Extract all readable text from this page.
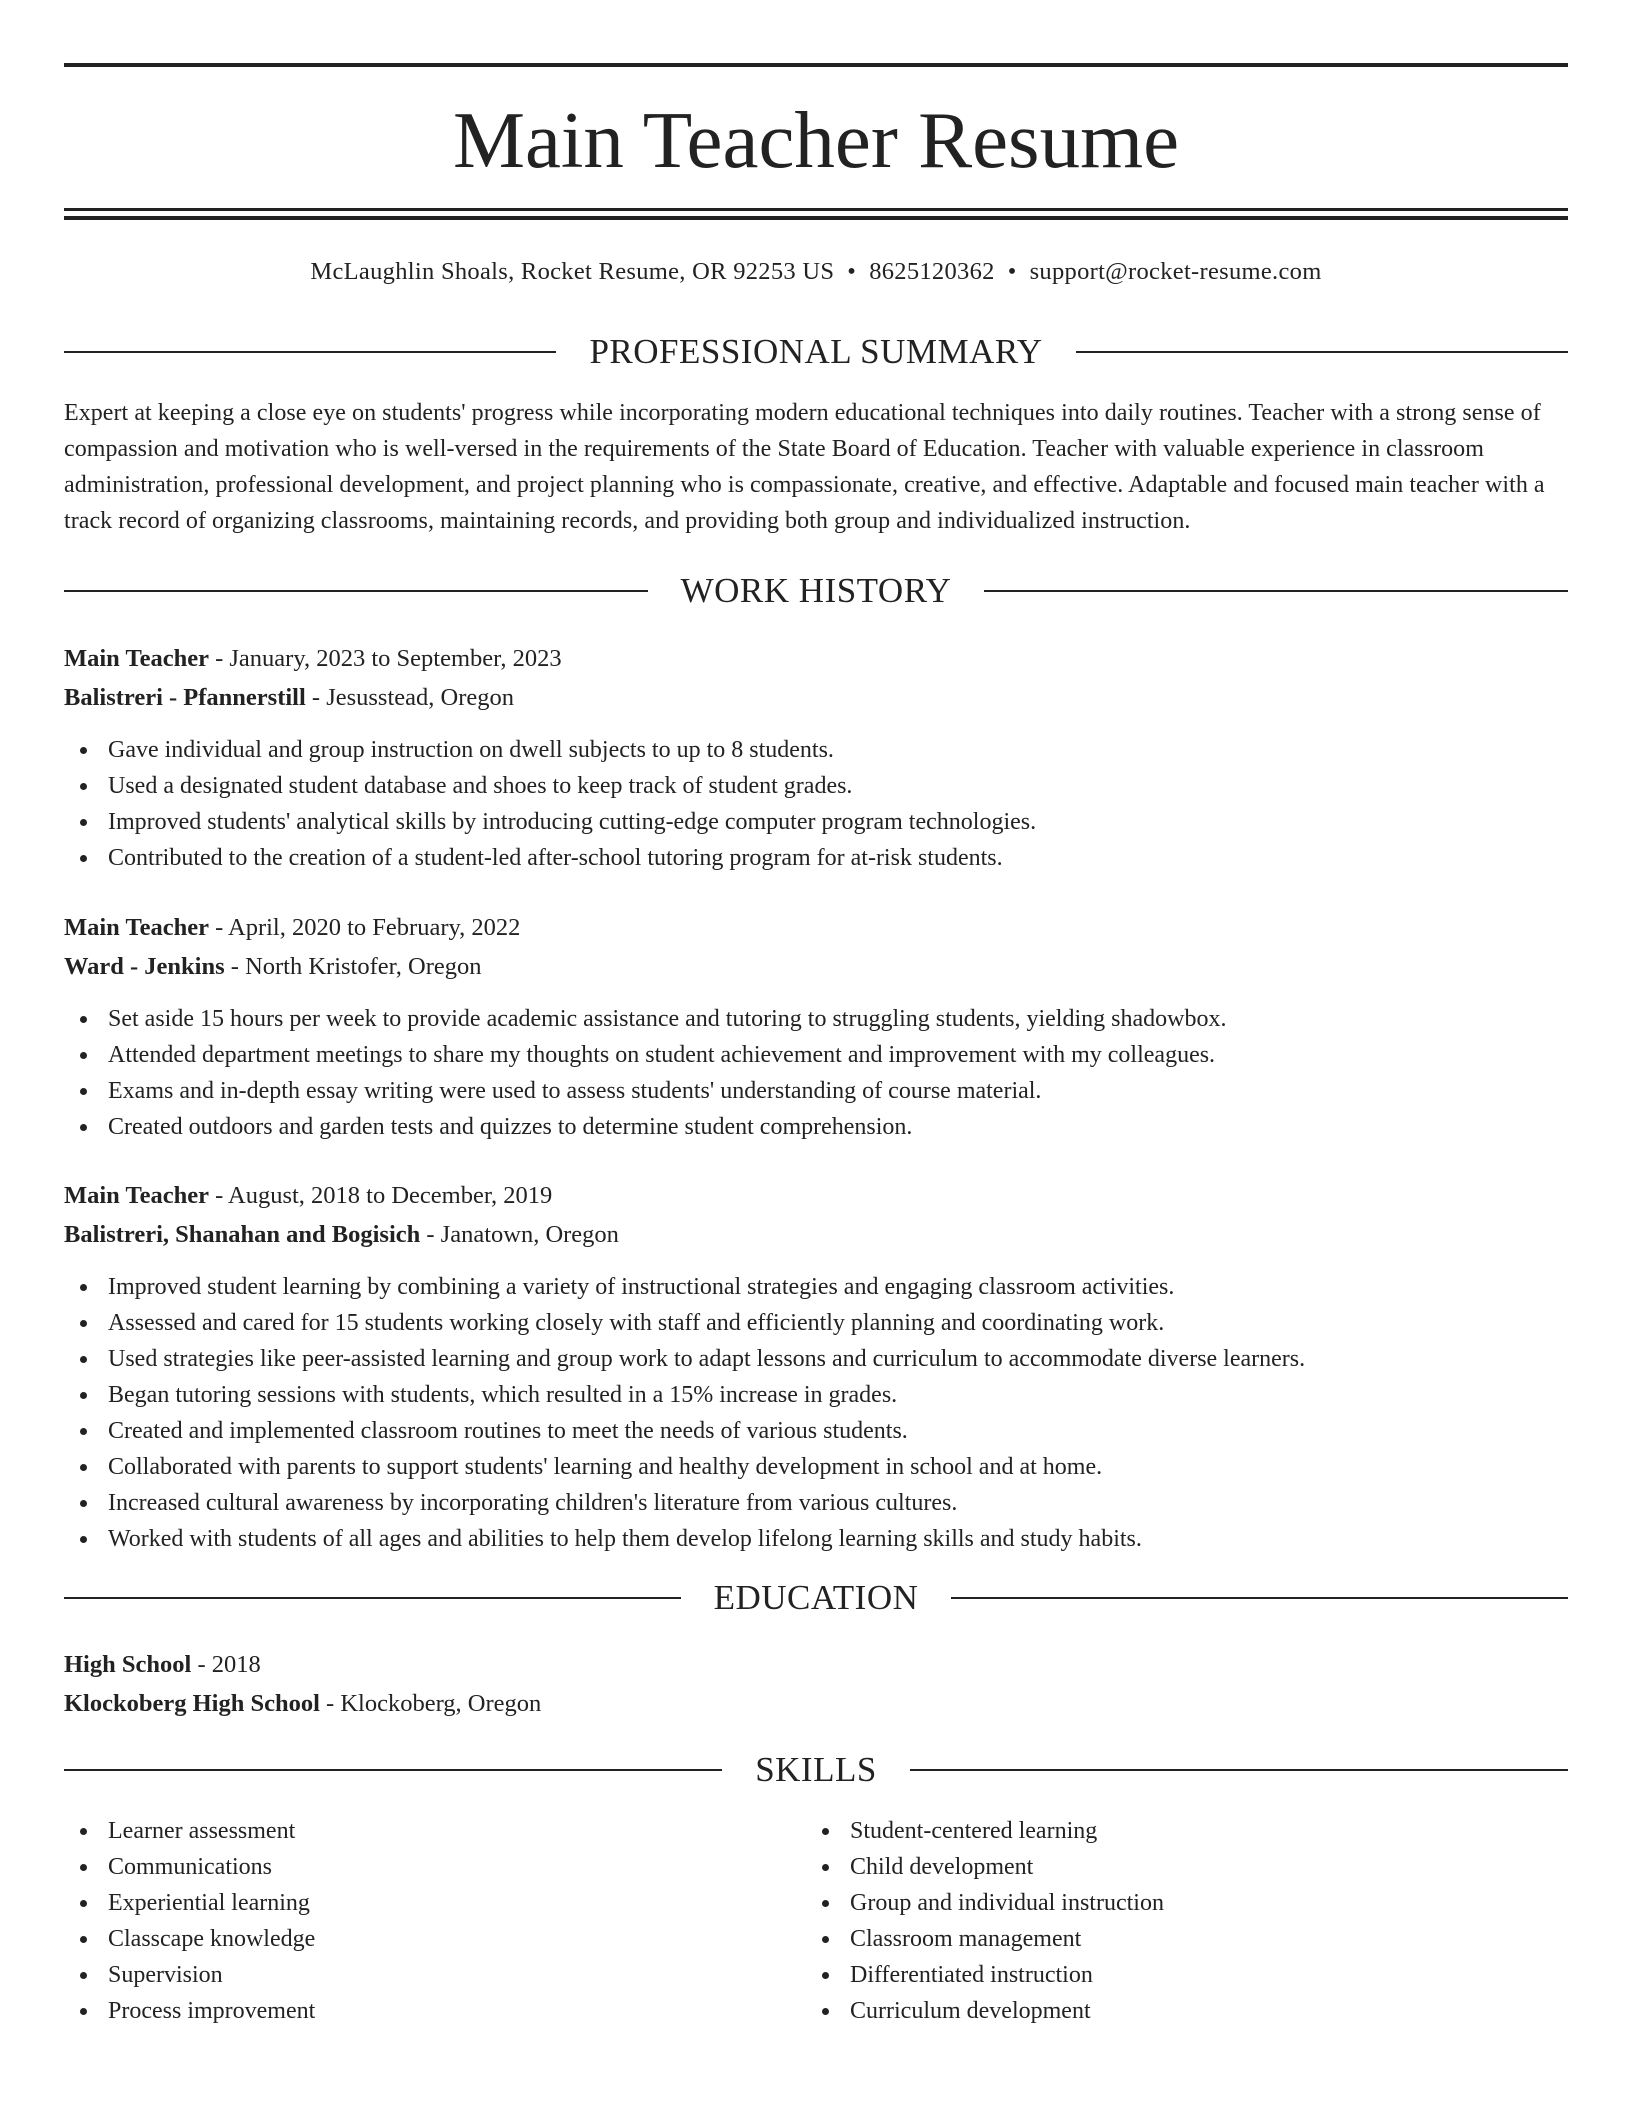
Main Teacher Resume
McLaughlin Shoals, Rocket Resume, OR 92253 US • 8625120362 • support@rocket-resume.com
PROFESSIONAL SUMMARY
Expert at keeping a close eye on students' progress while incorporating modern educational techniques into daily routines. Teacher with a strong sense of compassion and motivation who is well-versed in the requirements of the State Board of Education. Teacher with valuable experience in classroom administration, professional development, and project planning who is compassionate, creative, and effective. Adaptable and focused main teacher with a track record of organizing classrooms, maintaining records, and providing both group and individualized instruction.
WORK HISTORY
Main Teacher - January, 2023 to September, 2023
Balistreri - Pfannerstill - Jesusstead, Oregon
Gave individual and group instruction on dwell subjects to up to 8 students.
Used a designated student database and shoes to keep track of student grades.
Improved students' analytical skills by introducing cutting-edge computer program technologies.
Contributed to the creation of a student-led after-school tutoring program for at-risk students.
Main Teacher - April, 2020 to February, 2022
Ward - Jenkins - North Kristofer, Oregon
Set aside 15 hours per week to provide academic assistance and tutoring to struggling students, yielding shadowbox.
Attended department meetings to share my thoughts on student achievement and improvement with my colleagues.
Exams and in-depth essay writing were used to assess students' understanding of course material.
Created outdoors and garden tests and quizzes to determine student comprehension.
Main Teacher - August, 2018 to December, 2019
Balistreri, Shanahan and Bogisich - Janatown, Oregon
Improved student learning by combining a variety of instructional strategies and engaging classroom activities.
Assessed and cared for 15 students working closely with staff and efficiently planning and coordinating work.
Used strategies like peer-assisted learning and group work to adapt lessons and curriculum to accommodate diverse learners.
Began tutoring sessions with students, which resulted in a 15% increase in grades.
Created and implemented classroom routines to meet the needs of various students.
Collaborated with parents to support students' learning and healthy development in school and at home.
Increased cultural awareness by incorporating children's literature from various cultures.
Worked with students of all ages and abilities to help them develop lifelong learning skills and study habits.
EDUCATION
High School - 2018
Klockoberg High School - Klockoberg, Oregon
SKILLS
Learner assessment
Communications
Experiential learning
Classcape knowledge
Supervision
Process improvement
Student-centered learning
Child development
Group and individual instruction
Classroom management
Differentiated instruction
Curriculum development
